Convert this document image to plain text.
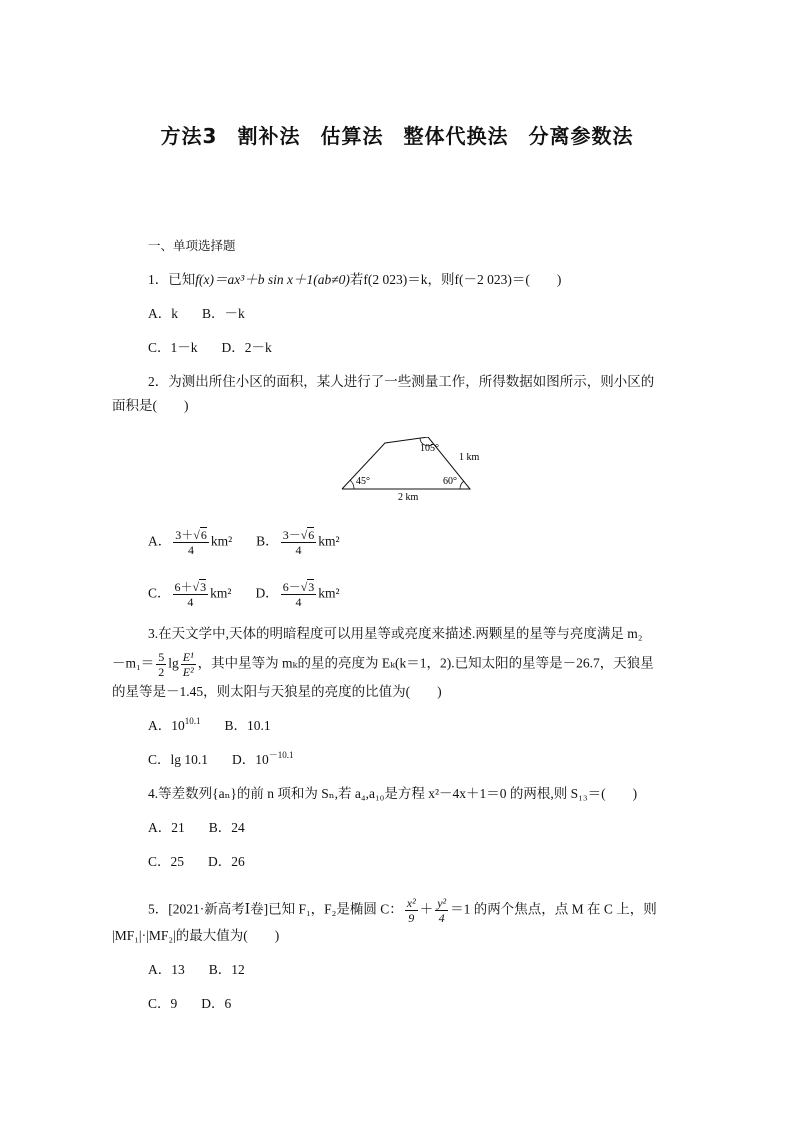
方法3 割补法 估算法 整体代换法 分离参数法
一、单项选择题
1．已知f(x)＝ax³＋b sin x＋1(ab≠0)若f(2 023)＝k，则f(－2 023)＝(　　)
A．k B．－k
C．1－k D．2－k
2．为测出所住小区的面积，某人进行了一些测量工作，所得数据如图所示，则小区的
面积是(　　)
105°
1 km
45°	60°
2 km
A． $\frac{3+√6}{4} km^2$ B． $\frac{3-√6}{4} km^2$
C． $\frac{6+√3}{4} km^2$ D． $\frac{6-√3}{4} km^2$
3.在天文学中,天体的明暗程度可以用星等或亮度来描述.两颗星的星等与亮度满足 m₂
$-m_1= \frac{5}{2}$ $\lg \frac{\text{E¹}}{\text{E²}}$ ，其中星等为 mₖ的星的亮度为 Eₖ(k＝1，2).已知太阳的星等是－26.7，天狼星
的星等是－1.45，则太阳与天狼星的亮度的比值为(　　)
A．$10^{10.1}$ B．10.1
C．lg 10.1 D．$10^{-10.1}$
4.等差数列{aₙ}的前 n 项和为 Sₙ,若 a₄,a₁₀是方程 x²－4x＋1＝0 的两根,则 S₁₃＝(　　)
A．21 B．24
C．25 D．26
5．[2021·新高考Ⅰ卷]已知 F₁，F₂是椭圆 C： $\frac{\text{x²}}{9} + \frac{\text{y²}}{4} =1$ 的两个焦点，点 M 在 C 上，则
|MF₁|·|MF₂|的最大值为(　　)
A．13 B．12
C．9 D．6
